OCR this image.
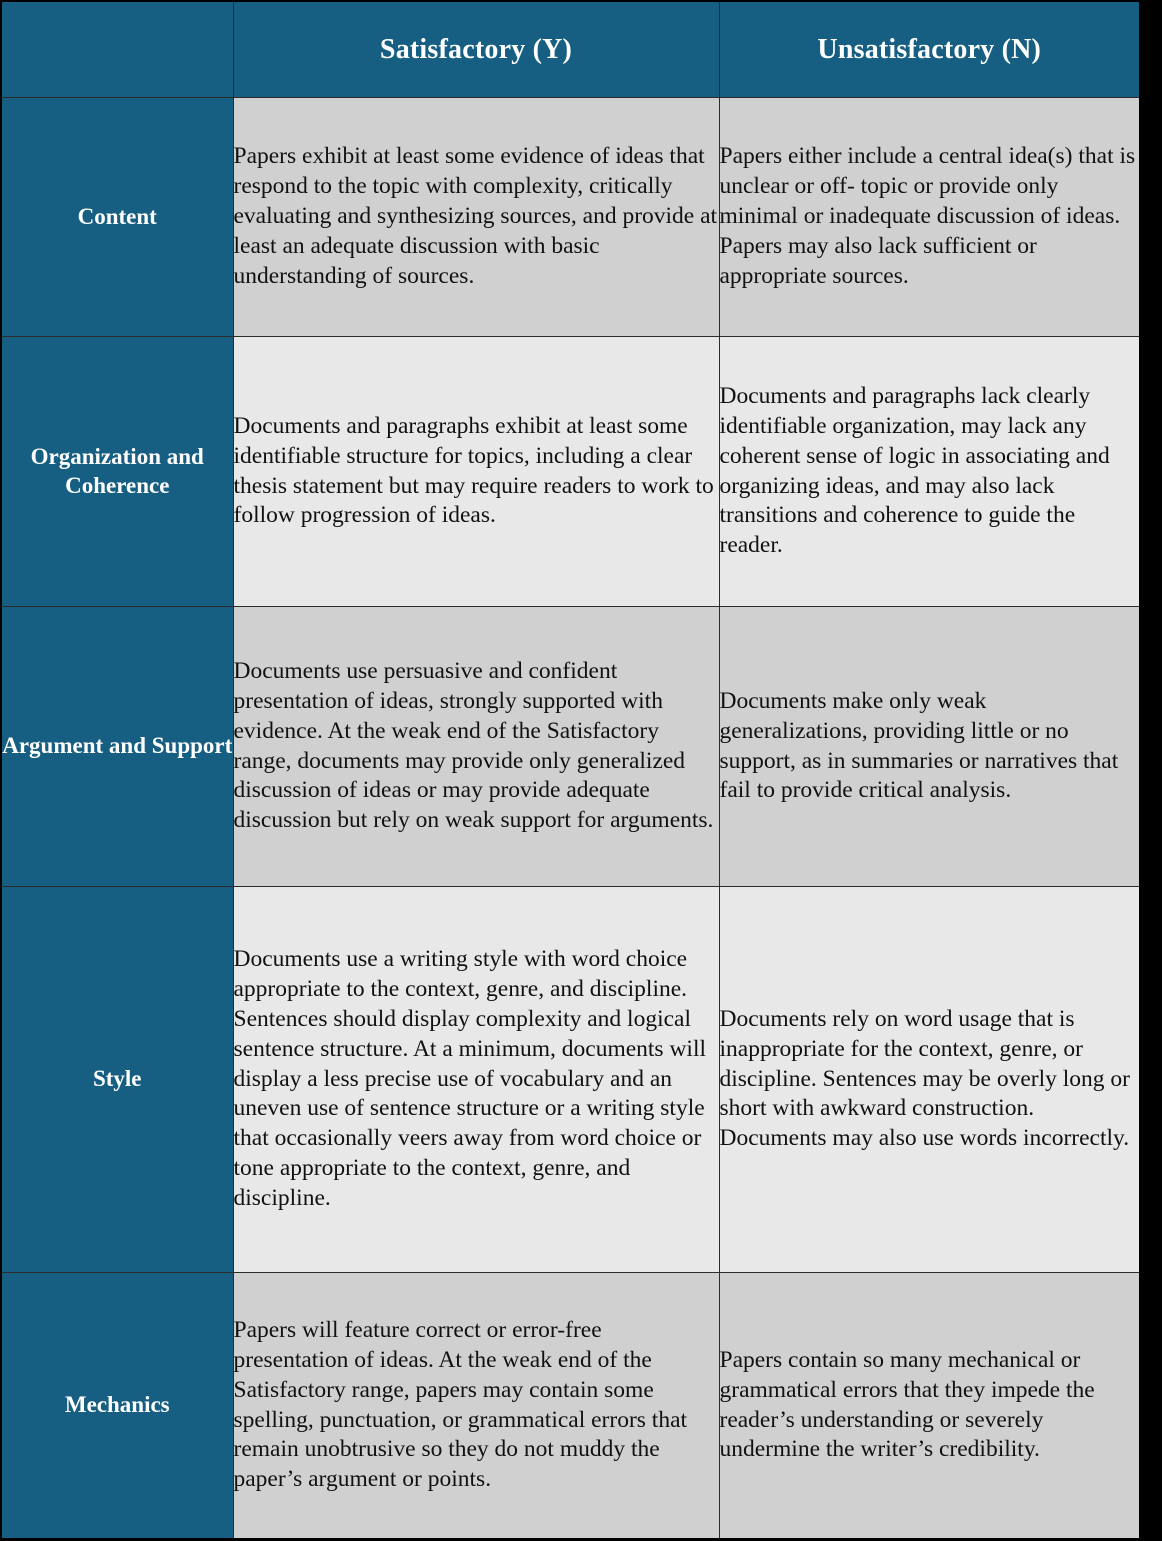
	Satisfactory (Y)	Unsatisfactory (N)
Content	Papers exhibit at least some evidence of ideas that respond to the topic with complexity, critically evaluating and synthesizing sources, and provide at least an adequate discussion with basic understanding of sources.	Papers either include a central idea(s) that is unclear or off- topic or provide only minimal or inadequate discussion of ideas. Papers may also lack sufficient or appropriate sources.

Organization and Coherence	Documents and paragraphs exhibit at least some identifiable structure for topics, including a clear thesis statement but may require readers to work to follow progression of ideas.	Documents and paragraphs lack clearly identifiable organization, may lack any coherent sense of logic in associating and organizing ideas, and may also lack transitions and coherence to guide the reader.

Argument and Support	Documents use persuasive and confident presentation of ideas, strongly supported with evidence. At the weak end of the Satisfactory range, documents may provide only generalized discussion of ideas or may provide adequate discussion but rely on weak support for arguments.	Documents make only weak generalizations, providing little or no support, as in summaries or narratives that fail to provide critical analysis.

Style	Documents use a writing style with word choice appropriate to the context, genre, and discipline. Sentences should display complexity and logical sentence structure. At a minimum, documents will display a less precise use of vocabulary and an uneven use of sentence structure or a writing style that occasionally veers away from word choice or tone appropriate to the context, genre, and discipline.	Documents rely on word usage that is inappropriate for the context, genre, or discipline. Sentences may be overly long or short with awkward construction. Documents may also use words incorrectly.

Mechanics	Papers will feature correct or error-free presentation of ideas. At the weak end of the Satisfactory range, papers may contain some spelling, punctuation, or grammatical errors that remain unobtrusive so they do not muddy the paper’s argument or points.	Papers contain so many mechanical or grammatical errors that they impede the reader’s understanding or severely undermine the writer’s credibility.
